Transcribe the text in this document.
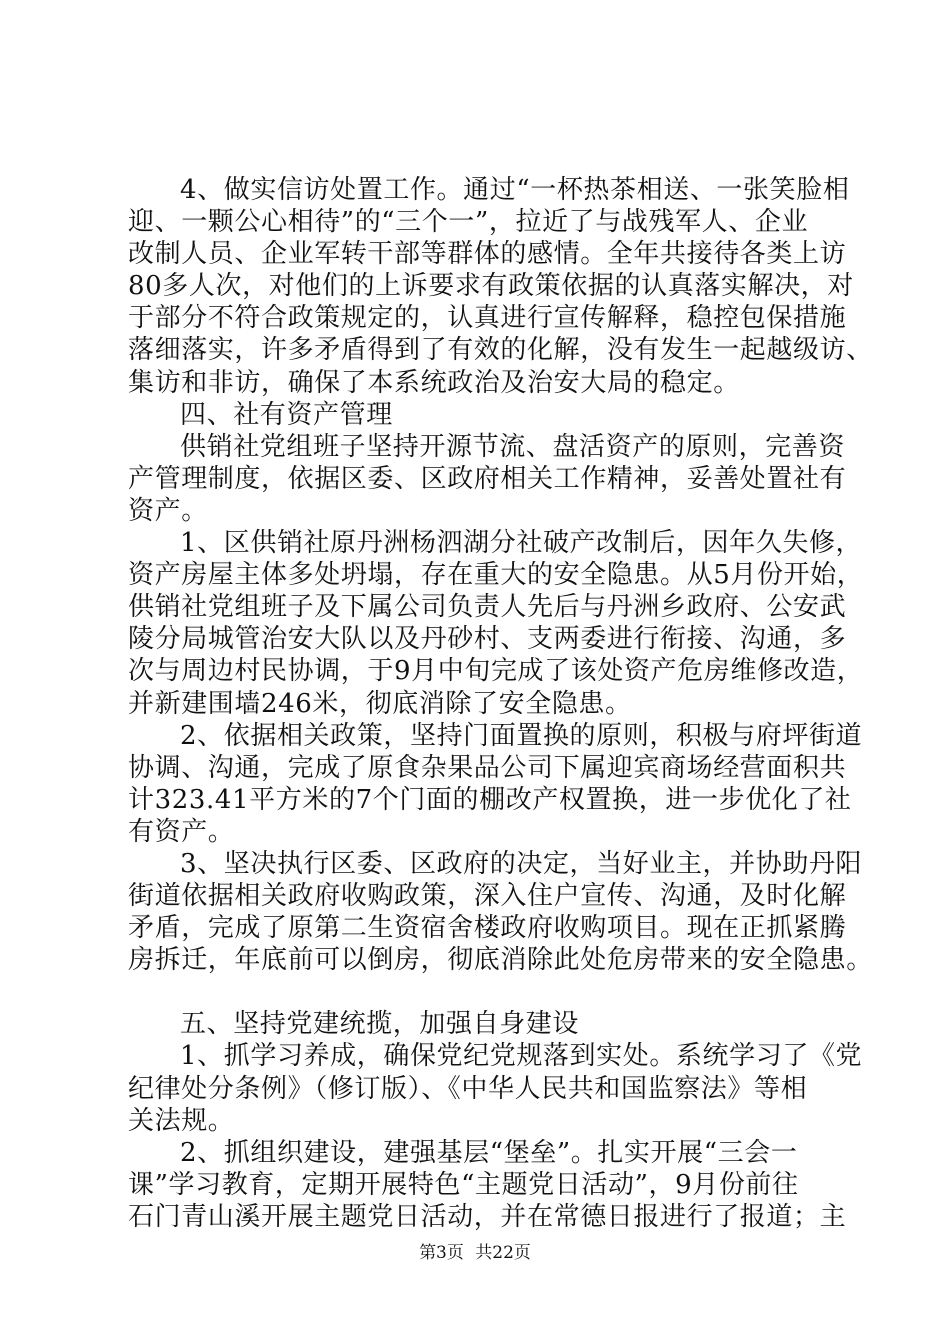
4、做实信访处置工作。通过“一杯热茶相送、一张笑脸相
迎、一颗公心相待”的“三个一”，拉近了与战残军人、企业
改制人员、企业军转干部等群体的感情。全年共接待各类上访
80多人次，对他们的上诉要求有政策依据的认真落实解决，对
于部分不符合政策规定的，认真进行宣传解释，稳控包保措施
落细落实，许多矛盾得到了有效的化解，没有发生一起越级访、
集访和非访，确保了本系统政治及治安大局的稳定。
四、社有资产管理
供销社党组班子坚持开源节流、盘活资产的原则，完善资
产管理制度，依据区委、区政府相关工作精神，妥善处置社有
资产。
1、区供销社原丹洲杨泗湖分社破产改制后，因年久失修，
资产房屋主体多处坍塌，存在重大的安全隐患。从5月份开始，
供销社党组班子及下属公司负责人先后与丹洲乡政府、公安武
陵分局城管治安大队以及丹砂村、支两委进行衔接、沟通，多
次与周边村民协调，于9月中旬完成了该处资产危房维修改造，
并新建围墙246米，彻底消除了安全隐患。
2、依据相关政策，坚持门面置换的原则，积极与府坪街道
协调、沟通，完成了原食杂果品公司下属迎宾商场经营面积共
计323.41平方米的7个门面的棚改产权置换，进一步优化了社
有资产。
3、坚决执行区委、区政府的决定，当好业主，并协助丹阳
街道依据相关政府收购政策，深入住户宣传、沟通，及时化解
矛盾，完成了原第二生资宿舍楼政府收购项目。现在正抓紧腾
房拆迁，年底前可以倒房，彻底消除此处危房带来的安全隐患。
五、坚持党建统揽，加强自身建设
1、抓学习养成，确保党纪党规落到实处。系统学习了《党
纪律处分条例》（修订版）、《中华人民共和国监察法》等相
关法规。
2、抓组织建设，建强基层“堡垒”。扎实开展“三会一
课”学习教育，定期开展特色“主题党日活动”，9月份前往
石门青山溪开展主题党日活动，并在常德日报进行了报道；主
第3页 共22页
